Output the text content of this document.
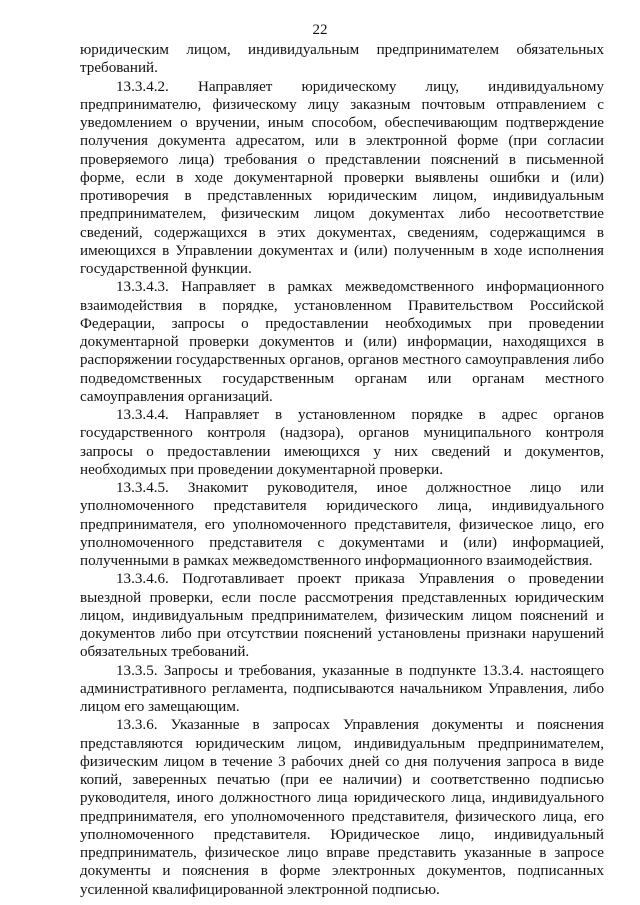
22

юридическим лицом, индивидуальным предпринимателем обязательных требований.

13.3.4.2. Направляет юридическому лицу, индивидуальному предпринимателю, физическому лицу заказным почтовым отправлением с уведомлением о вручении, иным способом, обеспечивающим подтверждение получения документа адресатом, или в электронной форме (при согласии проверяемого лица) требования о представлении пояснений в письменной форме, если в ходе документарной проверки выявлены ошибки и (или) противоречия в представленных юридическим лицом, индивидуальным предпринимателем, физическим лицом документах либо несоответствие сведений, содержащихся в этих документах, сведениям, содержащимся в имеющихся в Управлении документах и (или) полученным в ходе исполнения государственной функции.

13.3.4.3. Направляет в рамках межведомственного информационного взаимодействия в порядке, установленном Правительством Российской Федерации, запросы о предоставлении необходимых при проведении документарной проверки документов и (или) информации, находящихся в распоряжении государственных органов, органов местного самоуправления либо подведомственных государственным органам или органам местного самоуправления организаций.

13.3.4.4. Направляет в установленном порядке в адрес органов государственного контроля (надзора), органов муниципального контроля запросы о предоставлении имеющихся у них сведений и документов, необходимых при проведении документарной проверки.

13.3.4.5. Знакомит руководителя, иное должностное лицо или уполномоченного представителя юридического лица, индивидуального предпринимателя, его уполномоченного представителя, физическое лицо, его уполномоченного представителя с документами и (или) информацией, полученными в рамках межведомственного информационного взаимодействия.

13.3.4.6. Подготавливает проект приказа Управления о проведении выездной проверки, если после рассмотрения представленных юридическим лицом, индивидуальным предпринимателем, физическим лицом пояснений и документов либо при отсутствии пояснений установлены признаки нарушений обязательных требований.

13.3.5. Запросы и требования, указанные в подпункте 13.3.4. настоящего административного регламента, подписываются начальником Управления, либо лицом его замещающим.

13.3.6. Указанные в запросах Управления документы и пояснения представляются юридическим лицом, индивидуальным предпринимателем, физическим лицом в течение 3 рабочих дней со дня получения запроса в виде копий, заверенных печатью (при ее наличии) и соответственно подписью руководителя, иного должностного лица юридического лица, индивидуального предпринимателя, его уполномоченного представителя, физического лица, его уполномоченного представителя. Юридическое лицо, индивидуальный предприниматель, физическое лицо вправе представить указанные в запросе документы и пояснения в форме электронных документов, подписанных усиленной квалифицированной электронной подписью.
